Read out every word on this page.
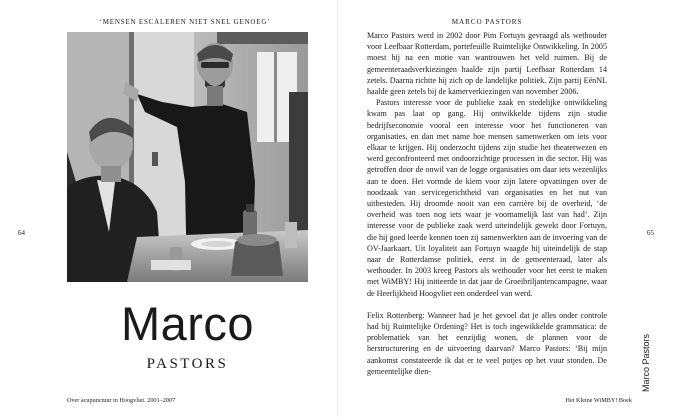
‘MENSEN ESCALEREN NIET SNEL GENOEG’
64
Marco
PASTORS
Over acupunctuur in Hoogvliet. 2001–2007
MARCO PASTORS

Marco Pastors werd in 2002 door Pim Fortuyn gevraagd als wethouder voor Leefbaar Rotterdam, portefeuille Ruimtelijke Ontwikkeling. In 2005 moest hij na een motie van wantrouwen het veld ruimen. Bij de gemeenteraadsverkiezingen haalde zijn partij Leefbaar Rotterdam 14 zetels. Daarna richtte hij zich op de landelijke politiek. Zijn partij EénNL haalde geen zetels bij de kamerverkiezingen van november 2006.

Pastors interesse voor de publieke zaak en stedelijke ontwikkeling kwam pas laat op gang. Hij ontwikkelde tijdens zijn studie bedrijfseconomie vooral een interesse voor het functioneren van organisaties, en dan met name hoe mensen samenwerken om iets voor elkaar te krijgen. Hij onderzocht tijdens zijn studie het theaterwezen en werd geconfronteerd met ondoorzichtige processen in die sector. Hij was getroffen door de onwil van de logge organisaties om daar iets wezenlijks aan te doen. Het vormde de kiem voor zijn latere opvattingen over de noodzaak van servicegerichtheid van organisaties en het nut van uitbesteden. Hij droomde nooit van een carrière bij de overheid, ‘de overheid was toen nog iets waar je voornamelijk last van had’. Zijn interesse voor de publieke zaak werd uiteindelijk gewekt door Fortuyn, die hij goed leerde kennen toen zij samenwerkten aan de invoering van de OV-Jaarkaart. Uit loyaliteit aan Fortuyn waagde hij uiteindelijk de stap naar de Rotterdamse politiek, eerst in de gemeenteraad, later als wethouder. In 2003 kreeg Pastors als wethouder voor het eerst te maken met WiMBY! Hij initieerde in dat jaar de Groeibriljantencampagne, waar de Heerlijkheid Hoogvliet een onderdeel van werd.

Felix Rottenberg: Wanneer had je het gevoel dat je alles onder controle had bij Ruimtelijke Ordening? Het is toch ingewikkelde grammatica: de problematiek van het eenzijdig wonen, de plannen voor de herstructurering en de uitvoering daarvan? Marco Pastors: ‘Bij mijn aankomst constateerde ik dat er te veel potjes op het vuur stonden. De gemeentelijke dien-

65
Marco Pastors
Het Kleine WiMBY! Boek
